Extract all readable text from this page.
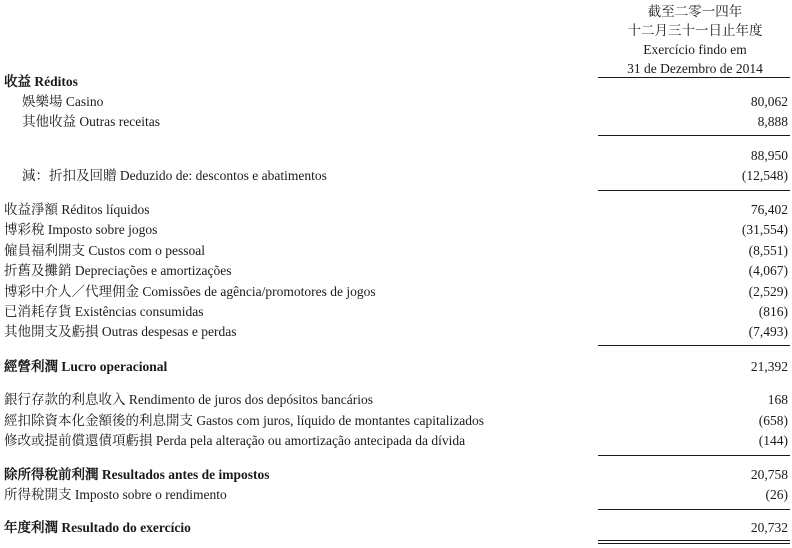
截至二零一四年
十二月三十一日止年度
Exercício findo em
31 de Dezembro de 2014
收益 Réditos
娛樂場 Casino	80,062
其他收益 Outras receitas	8,888
88,950
減：折扣及回贈 Deduzido de: descontos e abatimentos	(12,548)
收益淨額 Réditos líquidos	76,402
博彩稅 Imposto sobre jogos	(31,554)
僱員福利開支 Custos com o pessoal	(8,551)
折舊及攤銷 Depreciações e amortizações	(4,067)
博彩中介人／代理佣金 Comissões de agência/promotores de jogos	(2,529)
已消耗存貨 Existências consumidas	(816)
其他開支及虧損 Outras despesas e perdas	(7,493)
經營利潤 Lucro operacional	21,392
銀行存款的利息收入 Rendimento de juros dos depósitos bancários	168
經扣除資本化金額後的利息開支 Gastos com juros, líquido de montantes capitalizados	(658)
修改或提前償還債項虧損 Perda pela alteração ou amortização antecipada da dívida	(144)
除所得稅前利潤 Resultados antes de impostos	20,758
所得稅開支 Imposto sobre o rendimento	(26)
年度利潤 Resultado do exercício	20,732
